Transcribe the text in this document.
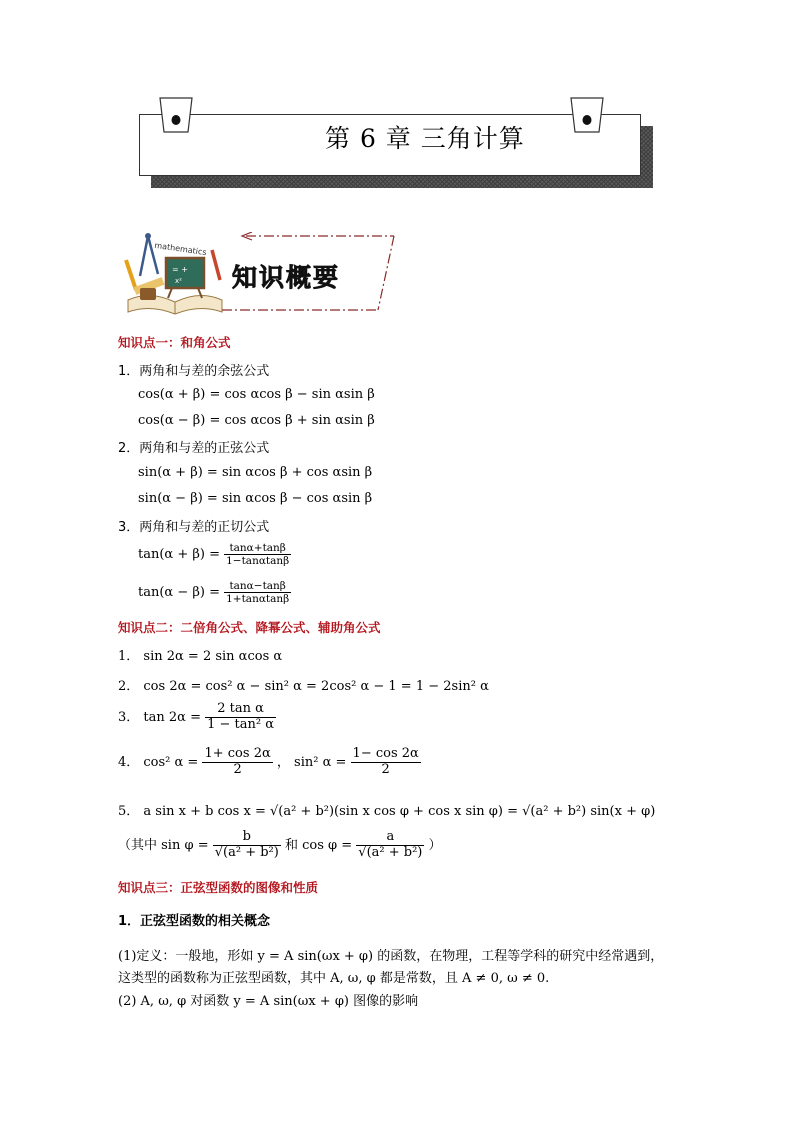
第 6 章 三角计算
= +
x²
mathematics
知识概要
知识点一：和角公式
1．两角和与差的余弦公式
cos(α + β) = cos αcos β − sin αsin β
cos(α − β) = cos αcos β + sin αsin β
2．两角和与差的正弦公式
sin(α + β) = sin αcos β + cos αsin β
sin(α − β) = sin αcos β − cos αsin β
3．两角和与差的正切公式
$\tan(\alpha + \beta) = \frac{\tan\alpha+\tan\beta}{1-\tan\alpha\tan\beta}$
$\tan(\alpha - \beta) = \frac{\tan\alpha-\tan\beta}{1+\tan\alpha\tan\beta}$
知识点二：二倍角公式、降幂公式、辅助角公式
1． sin 2α = 2 sin αcos α
2． cos 2α = cos² α − sin² α = 2cos² α − 1 = 1 − 2sin² α
3． $\tan 2\alpha = \frac{\text{2 tan α}}{\text{1 − tan² α}}$
4． cos² $\alpha = \frac{1+ \cos 2\alpha}{2}$ ， sin² $\alpha = \frac{1- \cos 2\alpha}{2}$
5． a sin x + b cos x = √(a² + b²)(sin x cos φ + cos x sin φ) = √(a² + b²) sin(x + φ)
（其中 $\sin \varphi = \frac{b}{\text{√(a² + b²)}}$ 和 $\cos \varphi = \frac{a}{\text{√(a² + b²)}}$ ）
知识点三：正弦型函数的图像和性质
1．正弦型函数的相关概念
(1)定义：一般地，形如 y = A sin(ωx + φ) 的函数，在物理，工程等学科的研究中经常遇到，
这类型的函数称为正弦型函数，其中 A, ω, φ 都是常数，且 A ≠ 0, ω ≠ 0.
(2) A, ω, φ 对函数 y = A sin(ωx + φ) 图像的影响
